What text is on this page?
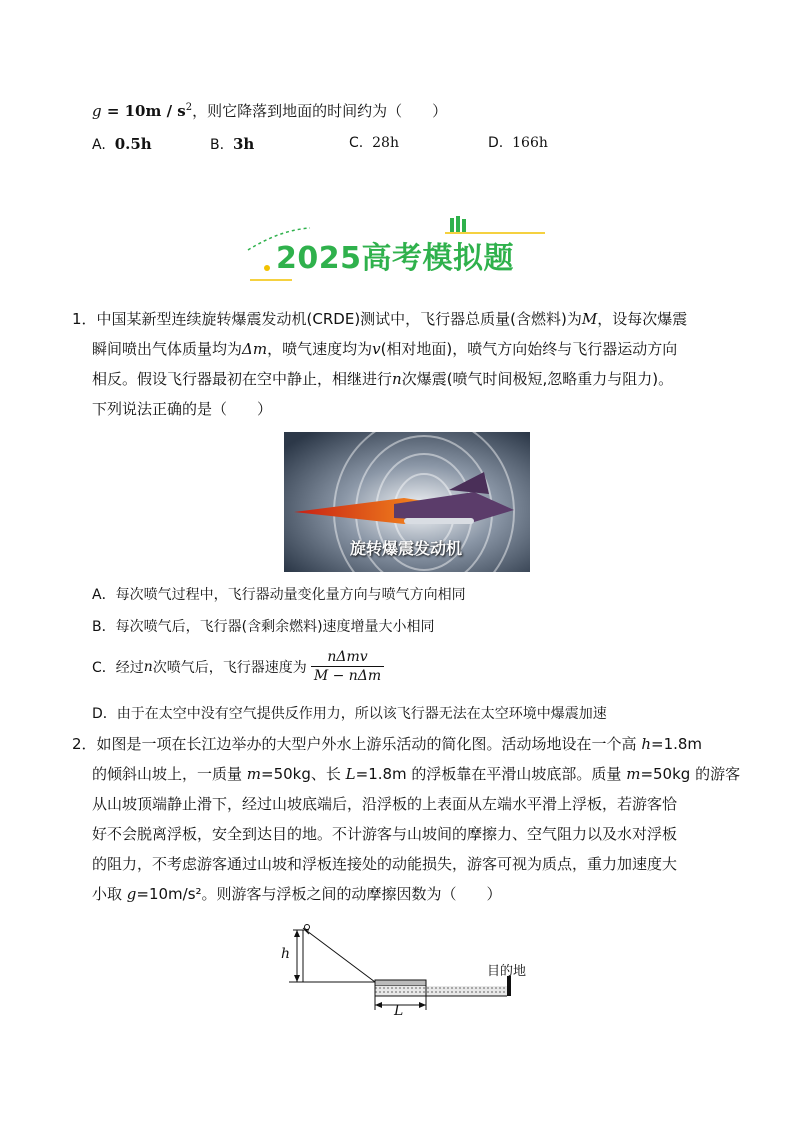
$g = 10m / s^2$，则它降落到地面的时间约为（　　）
A. 0.5h	B. 3h	C. 28h	D. 166h
2025高考模拟题
1．中国某新型连续旋转爆震发动机(CRDE)测试中，飞行器总质量(含燃料)为M，设每次爆震
瞬间喷出气体质量均为Δm，喷气速度均为v(相对地面)，喷气方向始终与飞行器运动方向
相反。假设飞行器最初在空中静止，相继进行n次爆震(喷气时间极短,忽略重力与阻力)。
下列说法正确的是（　　）
旋转爆震发动机
A．每次喷气过程中，飞行器动量变化量方向与喷气方向相同
B．每次喷气后，飞行器(含剩余燃料)速度增量大小相同
C．经过 n 次喷气后，飞行器速度为 $\frac{\text{nΔmv}}{\text{M − nΔm}}$
D．由于在太空中没有空气提供反作用力，所以该飞行器无法在太空环境中爆震加速
2．如图是一项在长江边举办的大型户外水上游乐活动的简化图。活动场地设在一个高 h=1.8m
的倾斜山坡上，一质量 m=50kg、长 L=1.8m 的浮板靠在平滑山坡底部。质量 m=50kg 的游客
从山坡顶端静止滑下，经过山坡底端后，沿浮板的上表面从左端水平滑上浮板，若游客恰
好不会脱离浮板，安全到达目的地。不计游客与山坡间的摩擦力、空气阻力以及水对浮板
的阻力，不考虑游客通过山坡和浮板连接处的动能损失，游客可视为质点，重力加速度大
小取 g=10m/s²。则游客与浮板之间的动摩擦因数为（　　）
h
L
目的地
